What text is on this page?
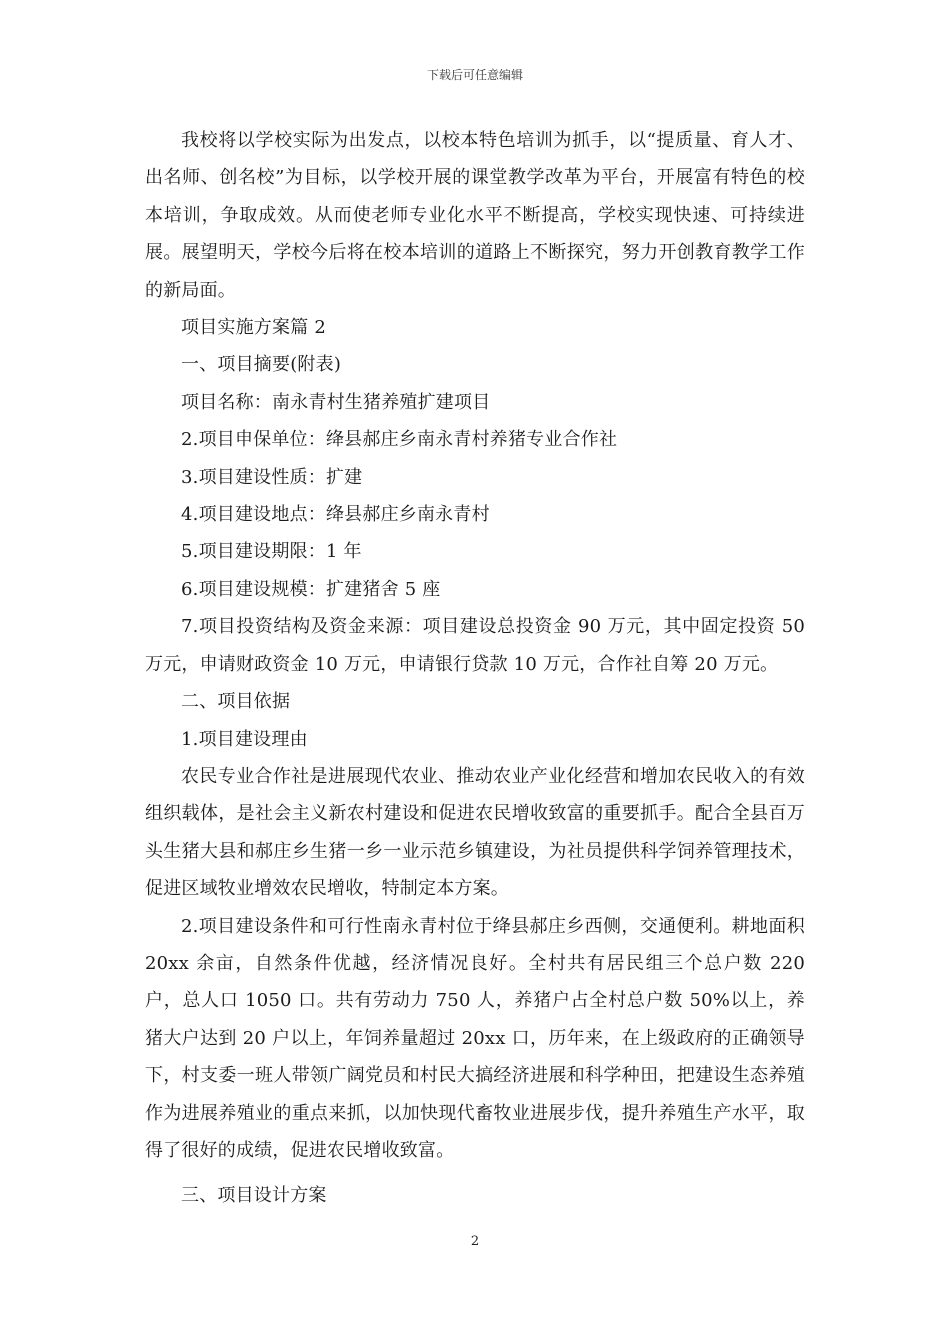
下载后可任意编辑

我校将以学校实际为出发点，以校本特色培训为抓手，以“提质量、育人才、出名师、创名校”为目标，以学校开展的课堂教学改革为平台，开展富有特色的校本培训，争取成效。从而使老师专业化水平不断提高，学校实现快速、可持续进展。展望明天，学校今后将在校本培训的道路上不断探究，努力开创教育教学工作的新局面。

项目实施方案篇 2

一、项目摘要(附表)

项目名称：南永青村生猪养殖扩建项目

2.项目申保单位：绛县郝庄乡南永青村养猪专业合作社

3.项目建设性质：扩建

4.项目建设地点：绛县郝庄乡南永青村

5.项目建设期限：1 年

6.项目建设规模：扩建猪舍 5 座

7.项目投资结构及资金来源：项目建设总投资金 90 万元，其中固定投资 50 万元，申请财政资金 10 万元，申请银行贷款 10 万元，合作社自筹 20 万元。

二、项目依据

1.项目建设理由

农民专业合作社是进展现代农业、推动农业产业化经营和增加农民收入的有效组织载体，是社会主义新农村建设和促进农民增收致富的重要抓手。配合全县百万头生猪大县和郝庄乡生猪一乡一业示范乡镇建设，为社员提供科学饲养管理技术，促进区域牧业增效农民增收，特制定本方案。

2.项目建设条件和可行性南永青村位于绛县郝庄乡西侧，交通便利。耕地面积 20xx 余亩，自然条件优越，经济情况良好。全村共有居民组三个总户数 220 户，总人口 1050 口。共有劳动力 750 人，养猪户占全村总户数 50%以上，养猪大户达到 20 户以上，年饲养量超过 20xx 口，历年来，在上级政府的正确领导下，村支委一班人带领广阔党员和村民大搞经济进展和科学种田，把建设生态养殖作为进展养殖业的重点来抓，以加快现代畜牧业进展步伐，提升养殖生产水平，取得了很好的成绩，促进农民增收致富。

三、项目设计方案

2
